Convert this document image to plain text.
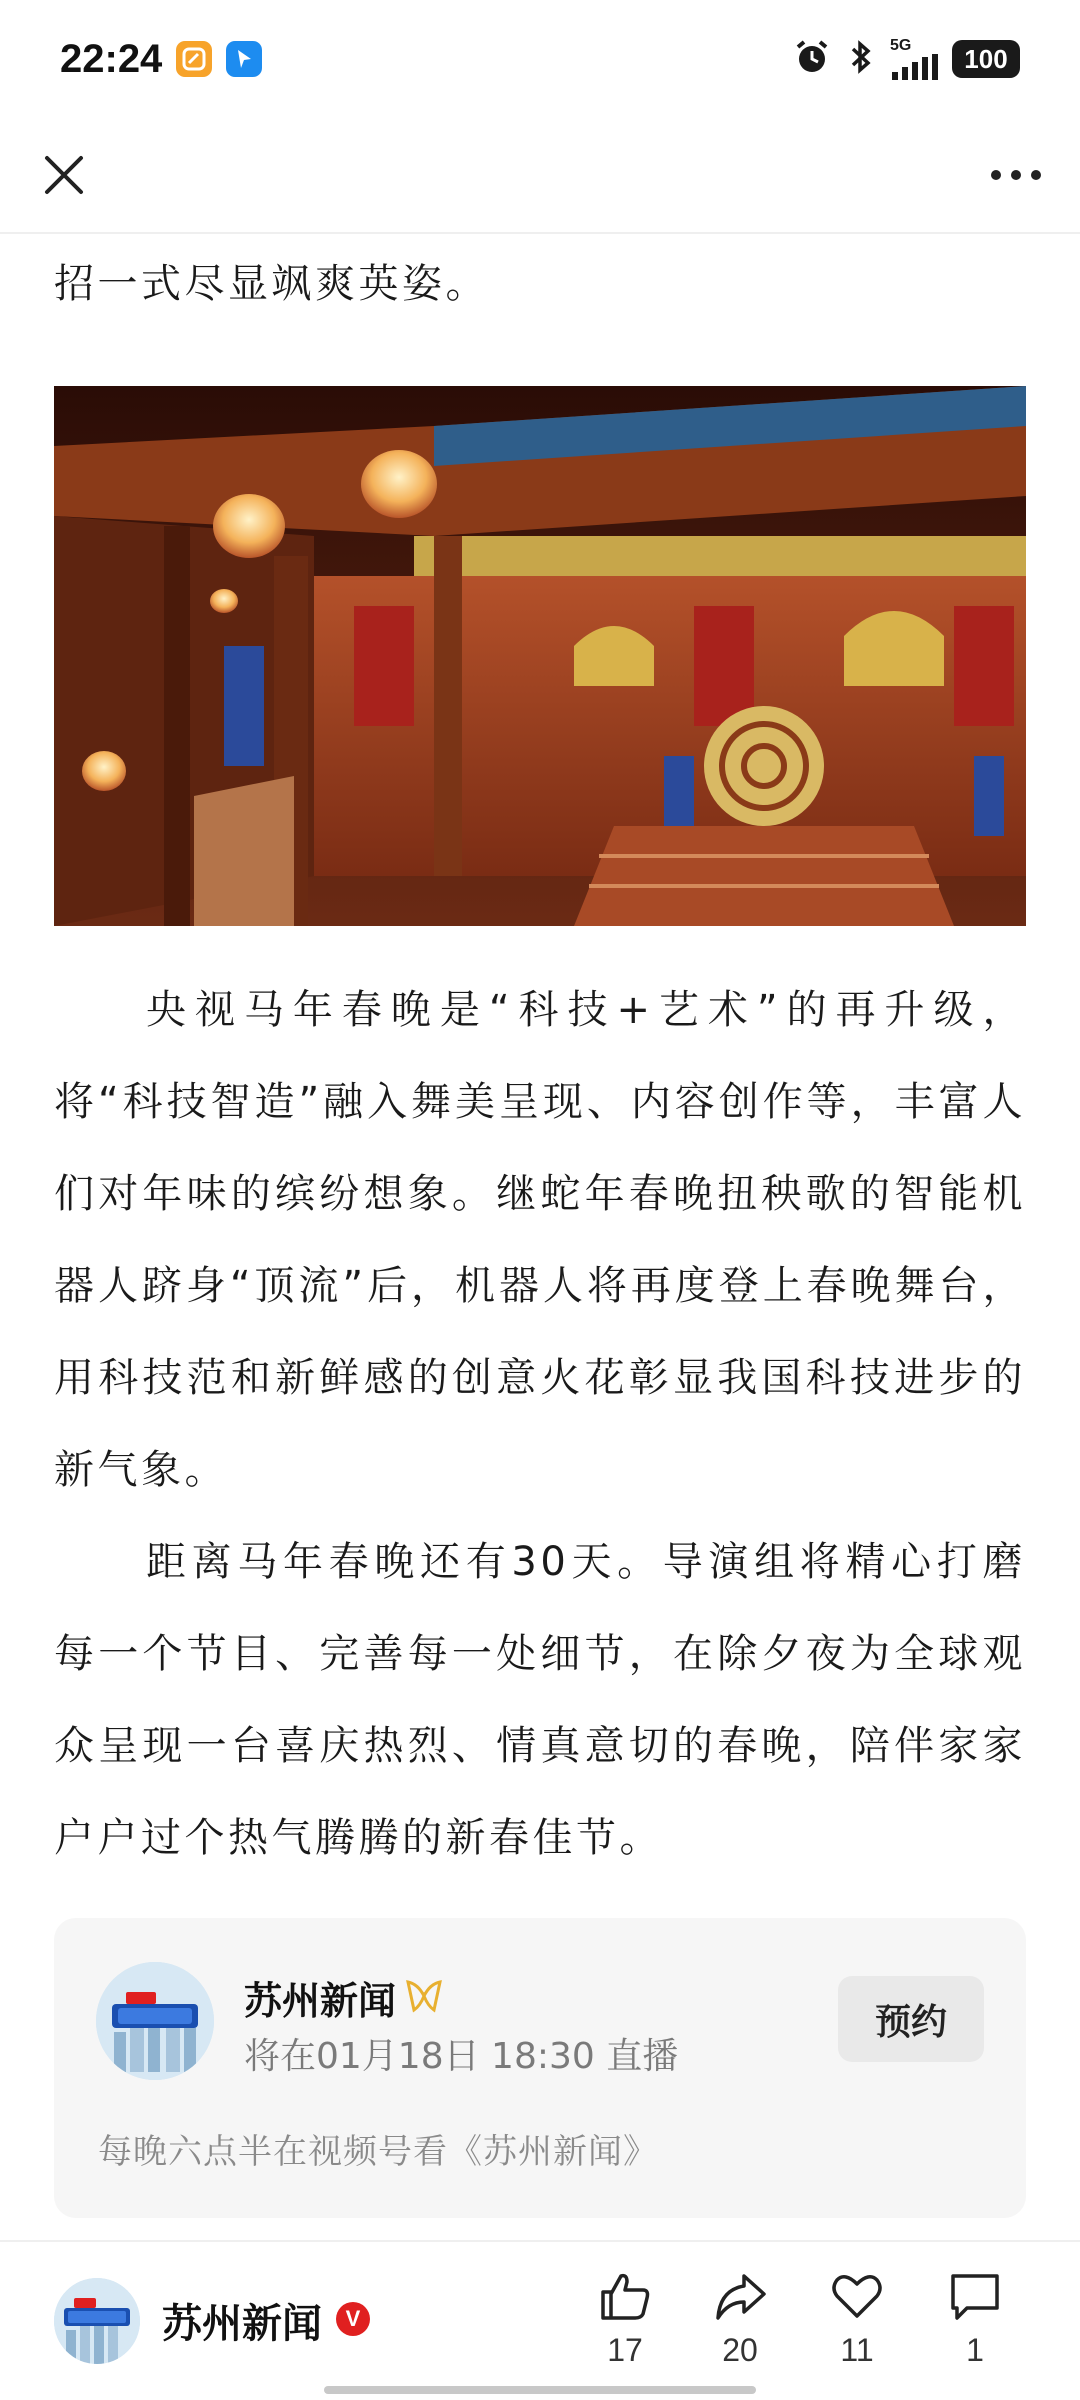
22:24	5G	100

招一式尽显飒爽英姿。

央视马年春晚是“科技+艺术”的再升级，将“科技智造”融入舞美呈现、内容创作等，丰富人们对年味的缤纷想象。继蛇年春晚扭秧歌的智能机器人跻身“顶流”后，机器人将再度登上春晚舞台，用科技范和新鲜感的创意火花彰显我国科技进步的新气象。

距离马年春晚还有30天。导演组将精心打磨每一个节目、完善每一处细节，在除夕夜为全球观众呈现一台喜庆热烈、情真意切的春晚，陪伴家家户户过个热气腾腾的新春佳节。

苏州新闻
将在01月18日 18:30 直播
预约
每晚六点半在视频号看《苏州新闻》
苏州新闻	V
17 20	11	1
